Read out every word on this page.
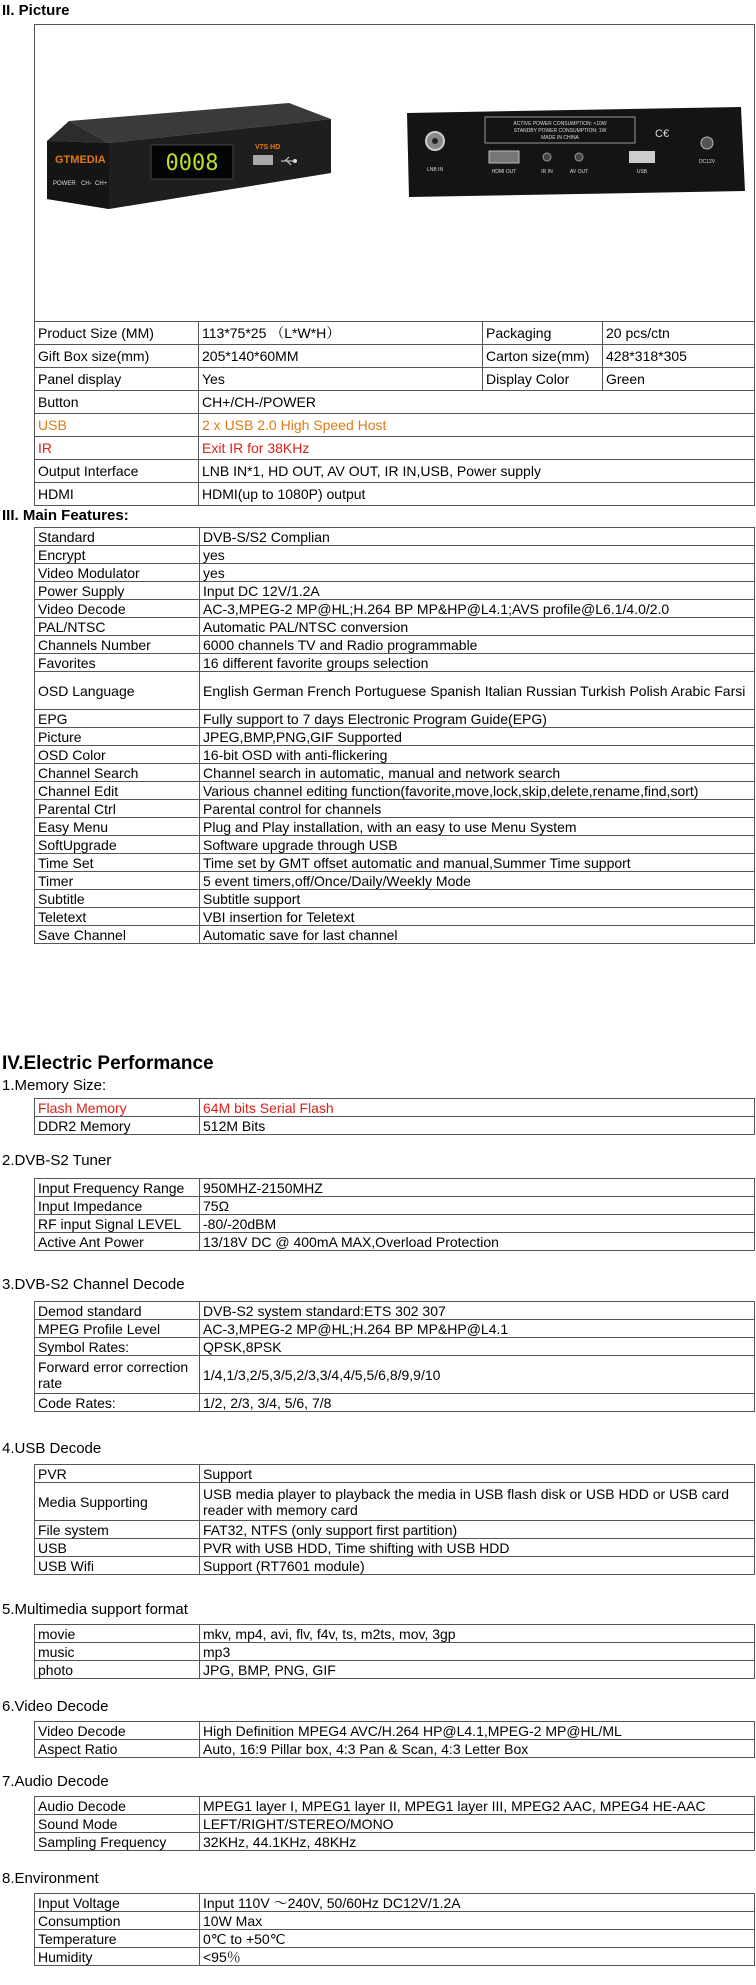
II. Picture
0008
GTMEDIA
POWER CH- CH+
V7S HD
ACTIVE POWER CONSUMPTION: <10W
STANDBY POWER CONSUMPTION: 1W
MADE IN CHINA	C€
LNB IN	HDMI OUT	IR IN	AV OUT	USB
DC12V
Product Size (MM)	113*75*25 （L*W*H）	Packaging	20 pcs/ctn
Gift Box size(mm)	205*140*60MM	Carton size(mm)	428*318*305
Panel display	Yes	Display Color	Green
Button	CH+/CH-/POWER		
USB	2 x USB 2.0 High Speed Host		
IR	Exit IR for 38KHz		
Output Interface	LNB IN*1, HD OUT, AV OUT, IR IN,USB, Power supply		
HDMI	HDMI(up to 1080P) output		
III. Main Features:
Standard	DVB-S/S2 Complian
Encrypt	yes
Video Modulator	yes
Power Supply	Input DC 12V/1.2A
Video Decode	AC-3,MPEG-2 MP@HL;H.264 BP MP&HP@L4.1;AVS profile@L6.1/4.0/2.0
PAL/NTSC	Automatic PAL/NTSC conversion
Channels Number	6000 channels TV and Radio programmable
Favorites	16 different favorite groups selection
OSD Language	English German French Portuguese Spanish Italian Russian Turkish Polish Arabic Farsi
EPG	Fully support to 7 days Electronic Program Guide(EPG)
Picture	JPEG,BMP,PNG,GIF Supported
OSD Color	16-bit OSD with anti-flickering
Channel Search	Channel search in automatic, manual and network search
Channel Edit	Various channel editing function(favorite,move,lock,skip,delete,rename,find,sort)
Parental Ctrl	Parental control for channels
Easy Menu	Plug and Play installation, with an easy to use Menu System
SoftUpgrade	Software upgrade through USB
Time Set	Time set by GMT offset automatic and manual,Summer Time support
Timer	5 event timers,off/Once/Daily/Weekly Mode
Subtitle	Subtitle support
Teletext	VBI insertion for Teletext
Save Channel	Automatic save for last channel
IV.Electric Performance
1.Memory Size:
Flash Memory	64M bits Serial Flash
DDR2 Memory	512M Bits
2.DVB-S2 Tuner
Input Frequency Range	950MHZ-2150MHZ
Input Impedance	75Ω
RF input Signal LEVEL	-80/-20dBM
Active Ant Power	13/18V DC @ 400mA MAX,Overload Protection
3.DVB-S2 Channel Decode
Demod standard	DVB-S2 system standard:ETS 302 307
MPEG Profile Level	AC-3,MPEG-2 MP@HL;H.264 BP MP&HP@L4.1
Symbol Rates:	QPSK,8PSK
Forward error correction rate	1/4,1/3,2/5,3/5,2/3,3/4,4/5,5/6,8/9,9/10
Code Rates:	1/2, 2/3, 3/4, 5/6, 7/8
4.USB Decode
PVR	Support
Media Supporting	USB media player to playback the media in USB flash disk or USB HDD or USB card reader with memory card
File system	FAT32, NTFS (only support first partition)
USB	PVR with USB HDD, Time shifting with USB HDD
USB Wifi	Support (RT7601 module)
5.Multimedia support format
movie	mkv, mp4, avi, flv, f4v, ts, m2ts, mov, 3gp
music	mp3
photo	JPG, BMP, PNG, GIF
6.Video Decode
Video Decode	High Definition MPEG4 AVC/H.264 HP@L4.1,MPEG-2 MP@HL/ML
Aspect Ratio	Auto, 16:9 Pillar box, 4:3 Pan & Scan, 4:3 Letter Box
7.Audio Decode
Audio Decode	MPEG1 layer I, MPEG1 layer II, MPEG1 layer III, MPEG2 AAC, MPEG4 HE-AAC
Sound Mode	LEFT/RIGHT/STEREO/MONO
Sampling Frequency	32KHz, 44.1KHz, 48KHz
8.Environment
Input Voltage	Input 110V ～240V, 50/60Hz DC12V/1.2A
Consumption	10W Max
Temperature	0℃ to +50℃
Humidity	<95％
